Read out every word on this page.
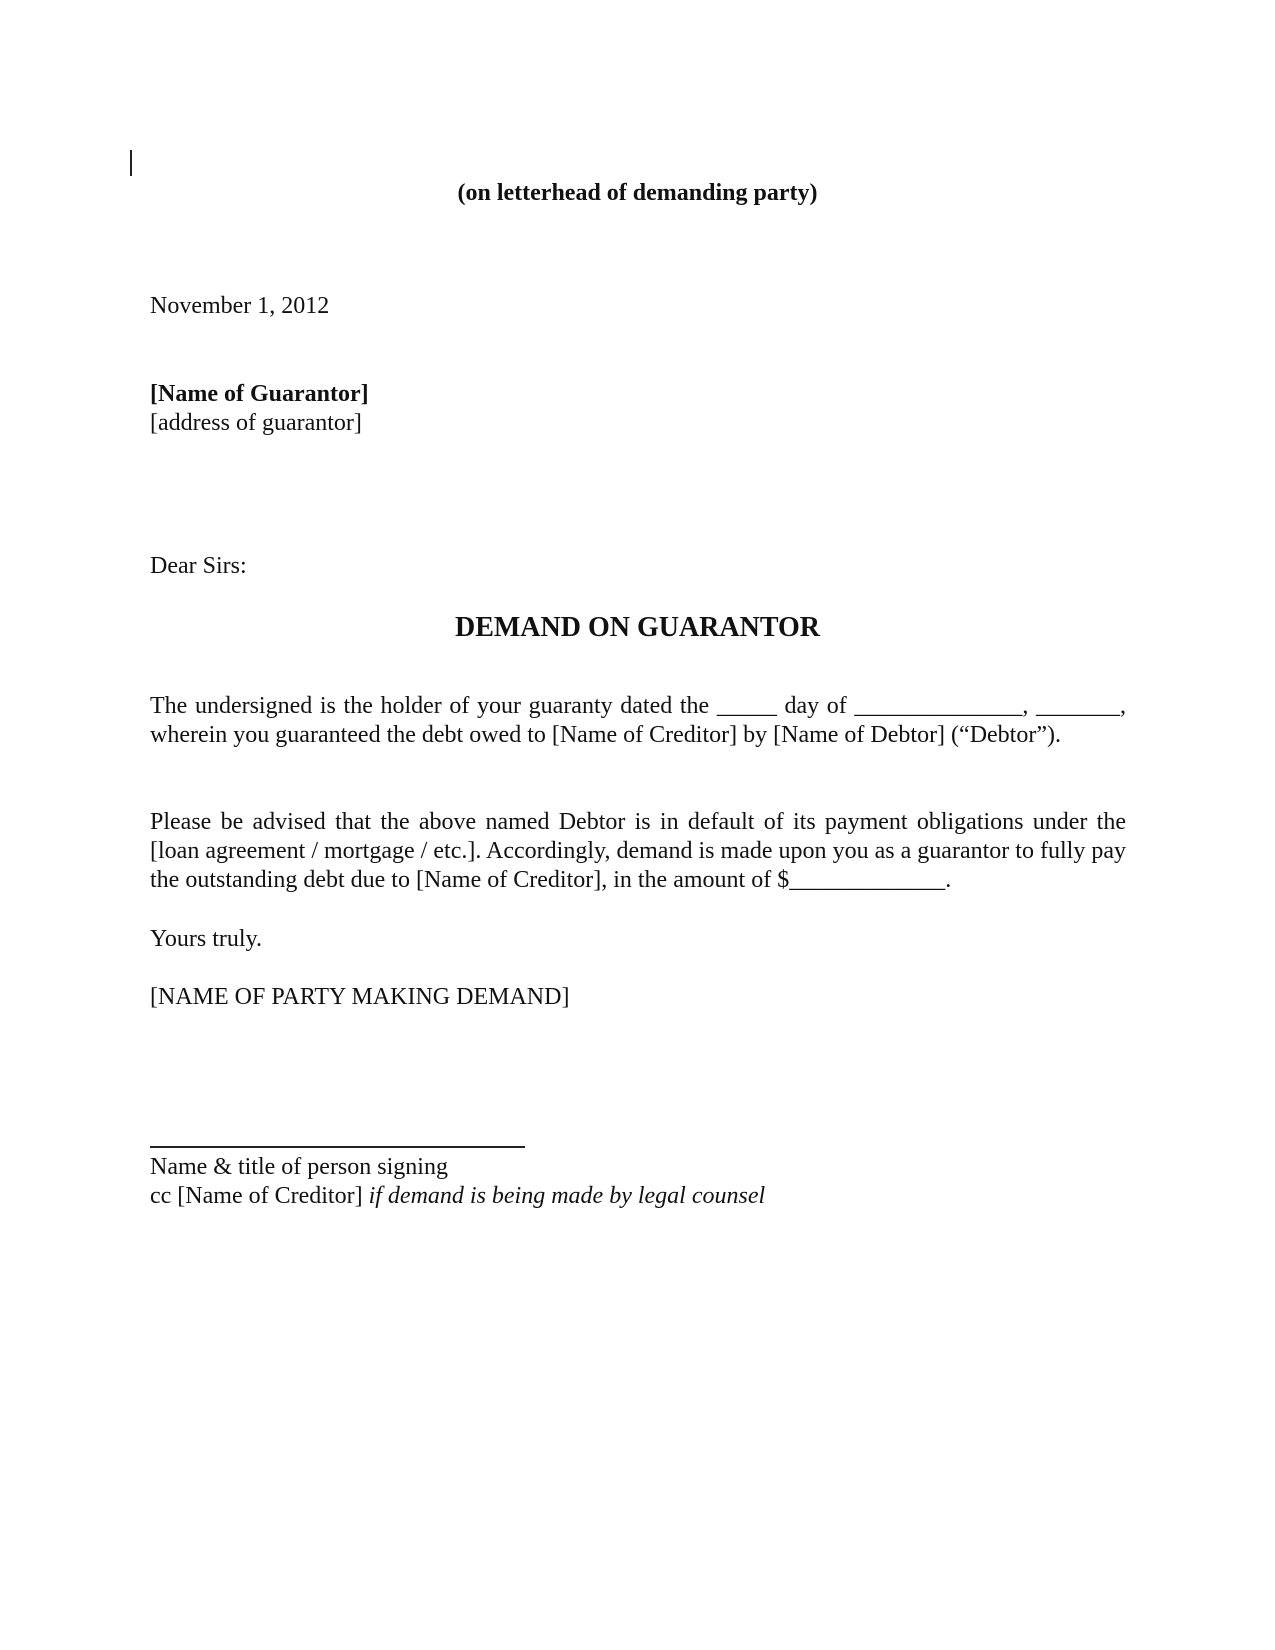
(on letterhead of demanding party)
November 1, 2012
[Name of Guarantor]
[address of guarantor]
Dear Sirs:
DEMAND ON GUARANTOR
The undersigned is the holder of your guaranty dated the _____ day of ______________, _______, wherein you guaranteed the debt owed to [Name of Creditor] by [Name of Debtor] (“Debtor”).
Please be advised that the above named Debtor is in default of its payment obligations under the [loan agreement / mortgage / etc.]. Accordingly, demand is made upon you as a guarantor to fully pay the outstanding debt due to [Name of Creditor], in the amount of $_____________.
Yours truly.
[NAME OF PARTY MAKING DEMAND]
Name & title of person signing
cc [Name of Creditor] if demand is being made by legal counsel
